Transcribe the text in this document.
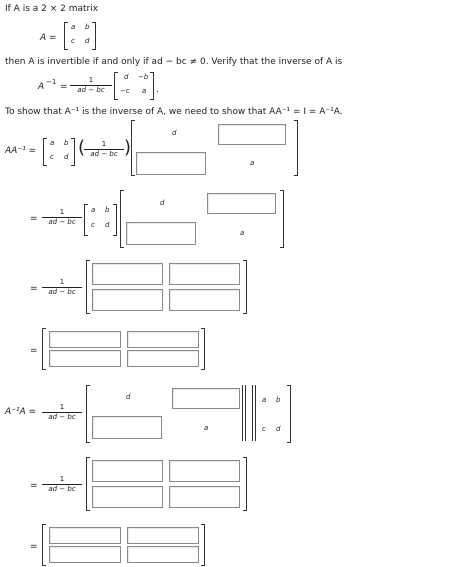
If A is a 2 × 2 matrix
A =
a b
c d
then A is invertible if and only if ad − bc ≠ 0. Verify that the inverse of A is
$A -1 = \frac{1}{ad - bc}$ d −b
−c a .
To show that A⁻¹ is the inverse of A, we need to show that AA⁻¹ = I = A⁻¹A.
AA⁻¹ =
a b
c d (
$\frac{1}{ad - bc}$ )
d
a
= $\frac{1}{ad - bc}$ a b
c d
d
a
= $\frac{1}{ad - bc}$
=
$A^{-1}A = \frac{1}{ad - bc}$
d
a
a b
c d
= $\frac{1}{ad - bc}$
=
